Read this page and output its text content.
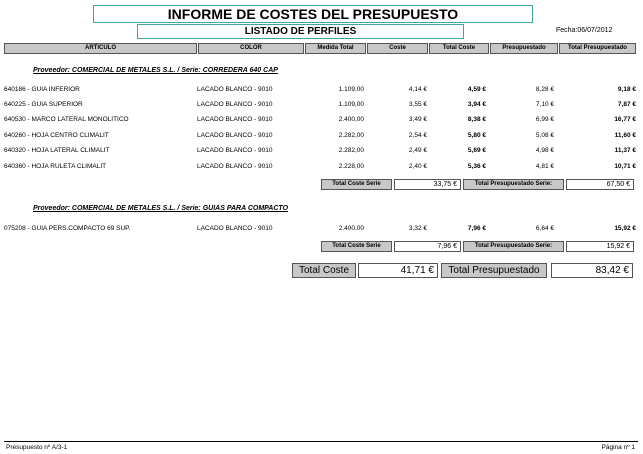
INFORME DE COSTES DEL PRESUPUESTO
LISTADO DE PERFILES	Fecha:06/07/2012
ARTICULO	COLOR	Medida Total	Coste	Total Coste	Presupuestado	Total Presupuestado
Proveedor: COMERCIAL DE METALES S.L. / Serie: CORREDERA 640 CAP
640186 - GUIA INFERIOR	LACADO BLANCO - 9010	1.109,00	4,14 €	4,59 €	8,28 €	9,18 €
640225 - GUIA SUPERIOR	LACADO BLANCO - 9010	1.109,00	3,55 €	3,94 €	7,10 €	7,87 €
640530 - MARCO LATERAL MONOLITICO	LACADO BLANCO - 9010	2.400,00	3,49 €	8,38 €	6,99 €	16,77 €
640260 - HOJA CENTRO CLIMALIT	LACADO BLANCO - 9010	2.282,00	2,54 €	5,80 €	5,08 €	11,60 €
640320 - HOJA LATERAL CLIMALIT	LACADO BLANCO - 9010	2.282,00	2,49 €	5,69 €	4,98 €	11,37 €
640360 - HOJA RULETA CLIMALIT	LACADO BLANCO - 9010	2.228,00	2,40 €	5,36 €	4,81 €	10,71 €
Total Coste Serie	33,75 €	Total Presupuestado Serie:	67,50 €
Proveedor: COMERCIAL DE METALES S.L. / Serie: GUIAS PARA COMPACTO
075208 - GUIA PERS.COMPACTO 69 SUP.	LACADO BLANCO - 9010	2.400,00	3,32 €	7,96 €	6,64 €	15,92 €
Total Coste Serie	7,96 €	Total Presupuestado Serie:	15,92 €
Total Coste	41,71 €	Total Presupuestado	83,42 €
Presupuesto nº A/3-1	Página nº 1
